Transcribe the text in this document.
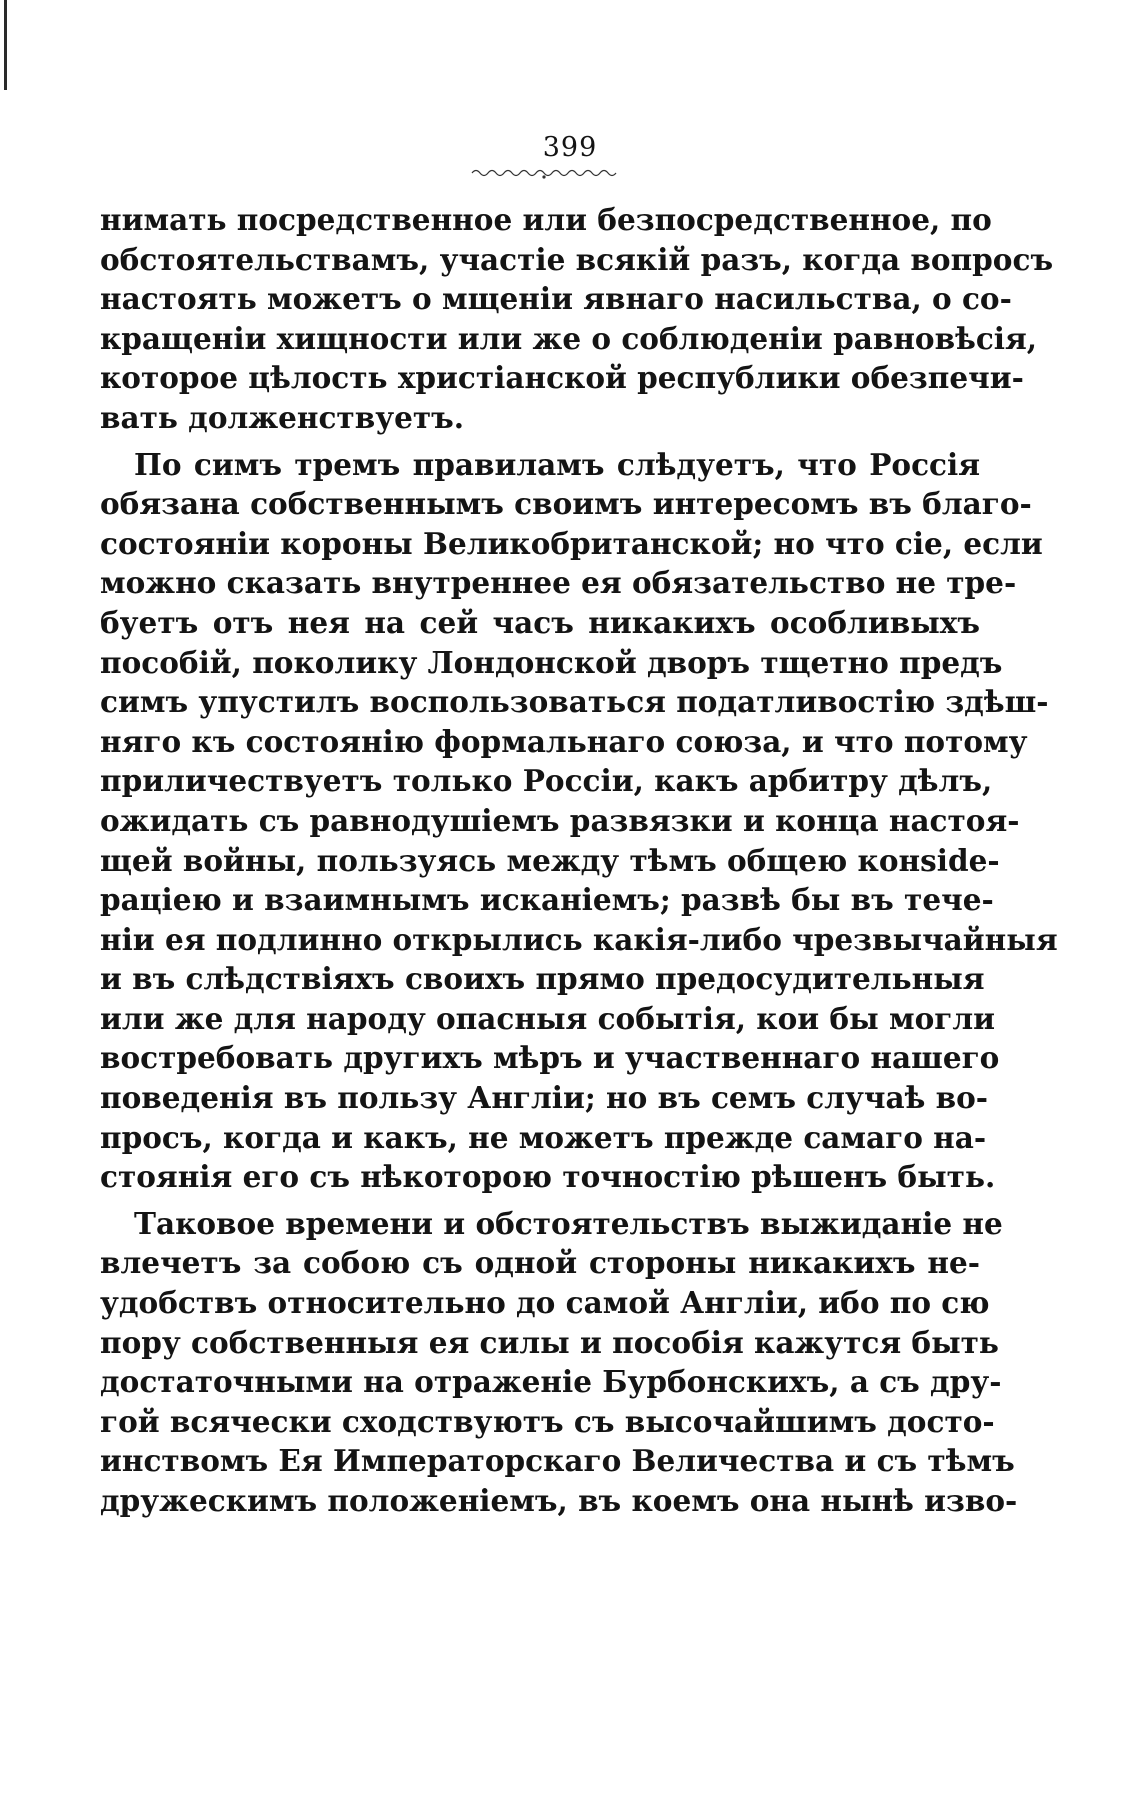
399
нимать посредственное или безпосредственное, по
обстоятельствамъ, участіе всякій разъ, когда вопросъ
настоять можетъ о мщеніи явнаго насильства, о со-
кращеніи хищности или же о соблюденіи равновѣсія,
которое цѣлость христіанской республики обезпечи-
вать долженствуетъ.
По симъ тремъ правиламъ слѣдуетъ, что Россія
обязана собственнымъ своимъ интересомъ въ благо-
состояніи короны Великобританской; но что сіе, если
можно сказать внутреннее ея обязательство не тре-
буетъ отъ нея на сей часъ никакихъ особливыхъ
пособій, поколику Лондонской дворъ тщетно предъ
симъ упустилъ воспользоваться податливостію здѣш-
няго къ состоянію формальнаго союза, и что потому
приличествуетъ только Россіи, какъ арбитру дѣлъ,
ожидать съ равнодушіемъ развязки и конца настоя-
щей войны, пользуясь между тѣмъ общею конside-
раціею и взаимнымъ исканіемъ; развѣ бы въ тече-
ніи ея подлинно открылись какія-либо чрезвычайныя
и въ слѣдствіяхъ своихъ прямо предосудительныя
или же для народу опасныя событія, кои бы могли
востребовать другихъ мѣръ и учаственнаго нашего
поведенія въ пользу Англіи; но въ семъ случаѣ во-
просъ, когда и какъ, не можетъ прежде самаго на-
стоянія его съ нѣкоторою точностію рѣшенъ быть.
Таковое времени и обстоятельствъ выжиданіе не
влечетъ за собою съ одной стороны никакихъ не-
удобствъ относительно до самой Англіи, ибо по сю
пору собственныя ея силы и пособія кажутся быть
достаточными на отраженіе Бурбонскихъ, а съ дру-
гой всячески сходствуютъ съ высочайшимъ досто-
инствомъ Ея Императорскаго Величества и съ тѣмъ
дружескимъ положеніемъ, въ коемъ она нынѣ изво-
